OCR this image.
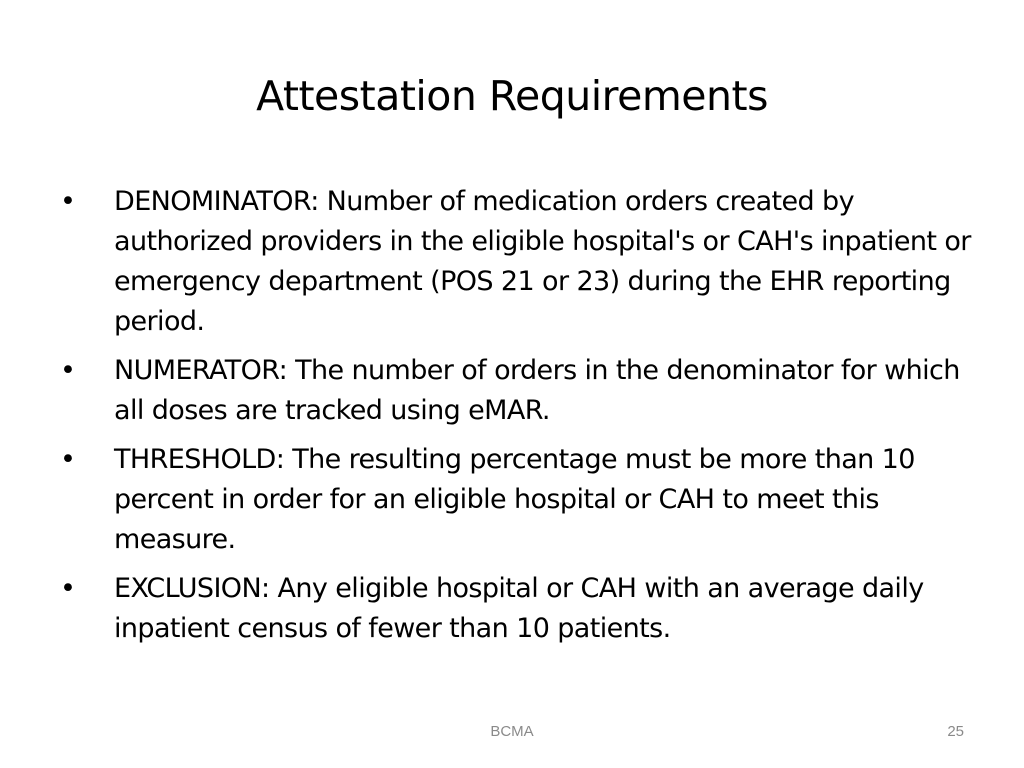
Attestation Requirements
• DENOMINATOR: Number of medication orders created by authorized providers in the eligible hospital's or CAH's inpatient or emergency department (POS 21 or 23) during the EHR reporting period.
• NUMERATOR: The number of orders in the denominator for which all doses are tracked using eMAR.
• THRESHOLD: The resulting percentage must be more than 10 percent in order for an eligible hospital or CAH to meet this measure.
• EXCLUSION: Any eligible hospital or CAH with an average daily inpatient census of fewer than 10 patients.
BCMA	25
